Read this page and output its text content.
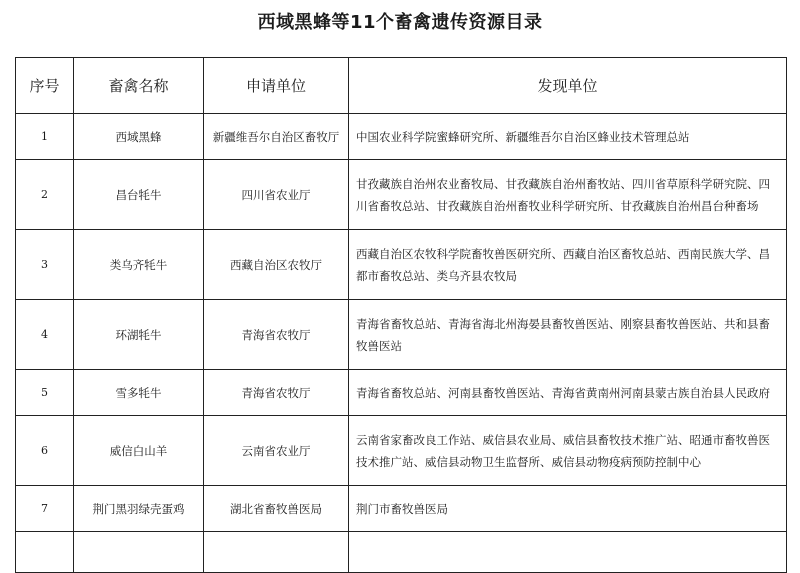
西域黑蜂等11个畜禽遗传资源目录
序号	畜禽名称	申请单位	发现单位
1	西域黑蜂	新疆维吾尔自治区畜牧厅	中国农业科学院蜜蜂研究所、新疆维吾尔自治区蜂业技术管理总站
2	昌台牦牛	四川省农业厅	甘孜藏族自治州农业畜牧局、甘孜藏族自治州畜牧站、四川省草原科学研究院、四川省畜牧总站、甘孜藏族自治州畜牧业科学研究所、甘孜藏族自治州昌台种畜场
3	类乌齐牦牛	西藏自治区农牧厅	西藏自治区农牧科学院畜牧兽医研究所、西藏自治区畜牧总站、西南民族大学、昌都市畜牧总站、类乌齐县农牧局
4	环湖牦牛	青海省农牧厅	青海省畜牧总站、青海省海北州海晏县畜牧兽医站、刚察县畜牧兽医站、共和县畜牧兽医站
5	雪多牦牛	青海省农牧厅	青海省畜牧总站、河南县畜牧兽医站、青海省黄南州河南县蒙古族自治县人民政府
6	威信白山羊	云南省农业厅	云南省家畜改良工作站、威信县农业局、威信县畜牧技术推广站、昭通市畜牧兽医技术推广站、威信县动物卫生监督所、威信县动物疫病预防控制中心
7	荆门黑羽绿壳蛋鸡	湖北省畜牧兽医局	荆门市畜牧兽医局
